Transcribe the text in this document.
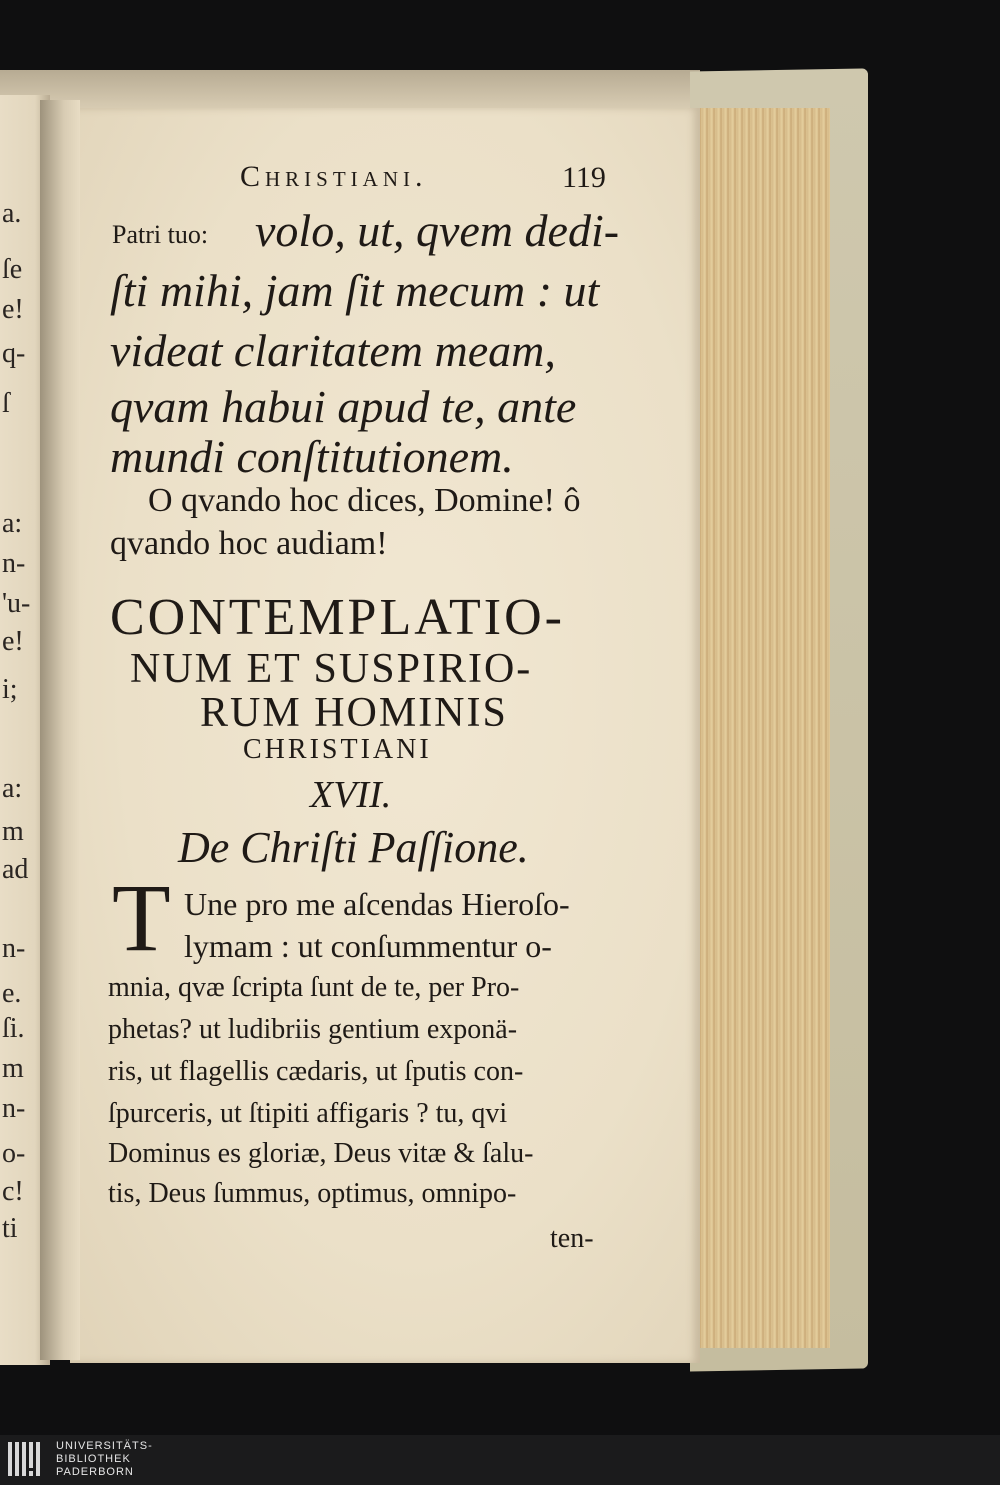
a.
ſe
e!
q-
ſ
a:
n-
'u-
e!
i;
a:
m
ad
n-
e.
ſi.
m
n-
o-
c!
ti
Christiani.	119
Patri tuo: volo, ut, qvem dedi-
ſti mihi, jam ſit mecum : ut
videat claritatem meam,
qvam habui apud te, ante
mundi conſtitutionem.
O qvando hoc dices, Domine! ô
qvando hoc audiam!
CONTEMPLATIO-
NUM ET SUSPIRIO-
RUM HOMINIS
CHRISTIANI
XVII.
De Chriſti Paſſione.
T Une pro me aſcendas Hieroſo-
lymam : ut conſummentur o-
mnia, qvæ ſcripta ſunt de te, per Pro-
phetas? ut ludibriis gentium exponä-
ris, ut flagellis cædaris, ut ſputis con-
ſpurceris, ut ſtipiti affigaris ? tu, qvi
Dominus es gloriæ, Deus vitæ & ſalu-
tis, Deus ſummus, optimus, omnipo-
ten-
UNIVERSITÄTS-
BIBLIOTHEK
PADERBORN
